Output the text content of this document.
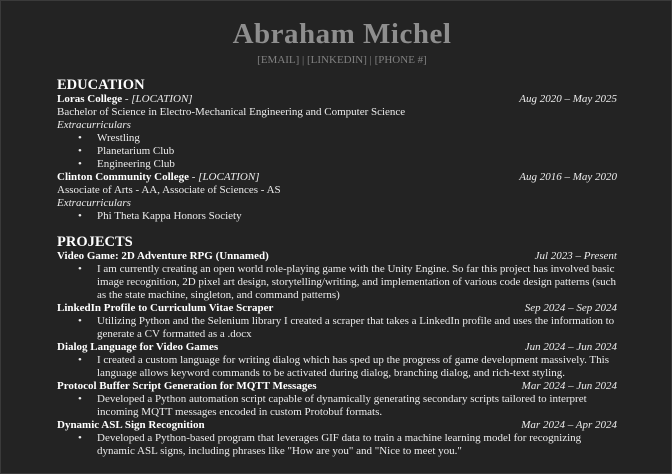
Abraham Michel
[EMAIL] | [LINKEDIN] | [PHONE #]
EDUCATION
Loras College - [LOCATION]	Aug 2020 – May 2025
Bachelor of Science in Electro-Mechanical Engineering and Computer Science
Extracurriculars
• Wrestling
• Planetarium Club
• Engineering Club
Clinton Community College - [LOCATION]	Aug 2016 – May 2020
Associate of Arts - AA, Associate of Sciences - AS
Extracurriculars
• Phi Theta Kappa Honors Society
PROJECTS
Video Game: 2D Adventure RPG (Unnamed)	Jul 2023 – Present
• I am currently creating an open world role-playing game with the Unity Engine. So far this project has involved basic image recognition, 2D pixel art design, storytelling/writing, and implementation of various code design patterns (such as the state machine, singleton, and command patterns)
LinkedIn Profile to Curriculum Vitae Scraper	Sep 2024 – Sep 2024
• Utilizing Python and the Selenium library I created a scraper that takes a LinkedIn profile and uses the information to generate a CV formatted as a .docx
Dialog Language for Video Games	Jun 2024 – Jun 2024
• I created a custom language for writing dialog which has sped up the progress of game development massively. This language allows keyword commands to be activated during dialog, branching dialog, and rich-text styling.
Protocol Buffer Script Generation for MQTT Messages	Mar 2024 – Jun 2024
• Developed a Python automation script capable of dynamically generating secondary scripts tailored to interpret incoming MQTT messages encoded in custom Protobuf formats.
Dynamic ASL Sign Recognition	Mar 2024 – Apr 2024
• Developed a Python-based program that leverages GIF data to train a machine learning model for recognizing dynamic ASL signs, including phrases like "How are you" and "Nice to meet you."
